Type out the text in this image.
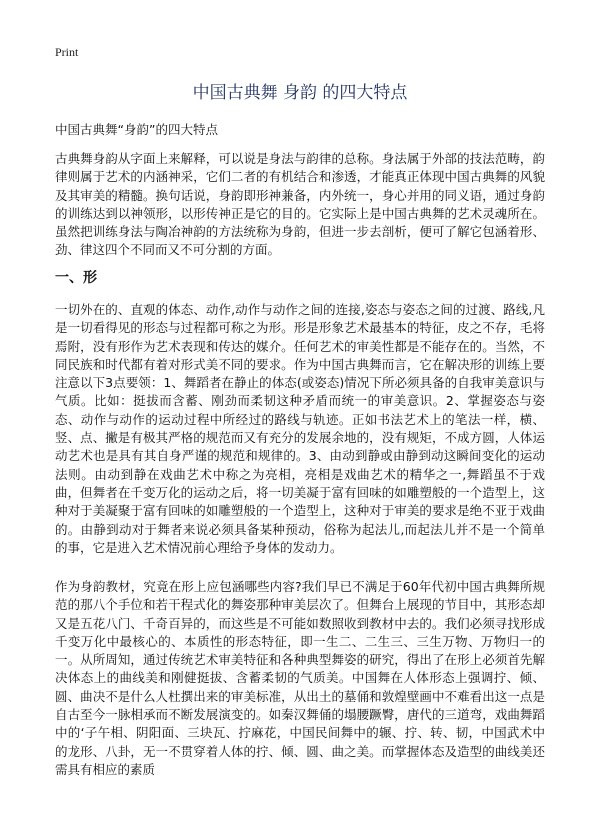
Print
中国古典舞 身韵 的四大特点

中国古典舞“身韵”的四大特点

古典舞身韵从字面上来解释，可以说是身法与韵律的总称。身法属于外部的技法范畴，韵律则属于艺术的内涵神采，它们二者的有机结合和渗透，才能真正体现中国古典舞的风貌及其审美的精髓。换句话说，身韵即形神兼备，内外统一，身心并用的同义语，通过身韵的训练达到以神领形，以形传神正是它的目的。它实际上是中国古典舞的艺术灵魂所在。虽然把训练身法与陶冶神韵的方法统称为身韵，但进一步去剖析，便可了解它包涵着形、劲、律这四个不同而又不可分割的方面。

一、形

一切外在的、直观的体态、动作,动作与动作之间的连接,姿态与姿态之间的过渡、路线,凡是一切看得见的形态与过程都可称之为形。形是形象艺术最基本的特征，皮之不存，毛将焉附，没有形作为艺术表现和传达的媒介。任何艺术的审美性都是不能存在的。当然，不同民族和时代都有着对形式美不同的要求。作为中国古典舞而言，它在解决形的训练上要注意以下3点要领：1、舞蹈者在静止的体态(或姿态)情况下所必须具备的自我审美意识与气质。比如：挺拔而含蓄、刚劲而柔韧这种矛盾而统一的审美意识。2、掌握姿态与姿态、动作与动作的运动过程中所经过的路线与轨迹。正如书法艺术上的笔法一样，横、竖、点、撇是有极其严格的规范而又有充分的发展余地的，没有规矩，不成方圆，人体运动艺术也是具有其自身严谨的规范和规律的。3、由动到静或由静到动这瞬间变化的运动法则。由动到静在戏曲艺术中称之为亮相，亮相是戏曲艺术的精华之一,舞蹈虽不于戏曲，但舞者在千变万化的运动之后，将一切美凝于富有回味的如雕塑般的一个造型上，这种对于美凝聚于富有回味的如雕塑般的一个造型上，这种对于审美的要求是绝不亚于戏曲的。由静到动对于舞者来说必须具备某种预动，俗称为起法儿,而起法儿并不是一个简单的事，它是进入艺术情况前心理给予身体的发动力。

作为身韵教材，究竟在形上应包涵哪些内容?我们早已不满足于60年代初中国古典舞所规范的那八个手位和若干程式化的舞姿那种审美层次了。但舞台上展现的节目中，其形态却又是五花八门、千奇百异的，而这些是不可能如数照收到教材中去的。我们必须寻找形成千变万化中最核心的、本质性的形态特征，即一生二、二生三、三生万物、万物归一的一。从所周知，通过传统艺术审美特征和各种典型舞姿的研究，得出了在形上必须首先解决体态上的曲线美和刚健挺拔、含蓄柔韧的气质美。中国舞在人体形态上强调拧、倾、圆、曲决不是什么人杜撰出来的审美标准，从出土的墓俑和敦煌壁画中不难看出这一点是自古至今一脉相承而不断发展演变的。如秦汉舞俑的塌腰蹶臀，唐代的三道弯，戏曲舞蹈中的‘子午相、阴阳面、三块瓦、拧麻花，中国民间舞中的辗、拧、转、韧，中国武术中的龙形、八卦，无一不贯穿着人体的拧、倾、圆、曲之美。而掌握体态及造型的曲线美还需具有相应的素质
